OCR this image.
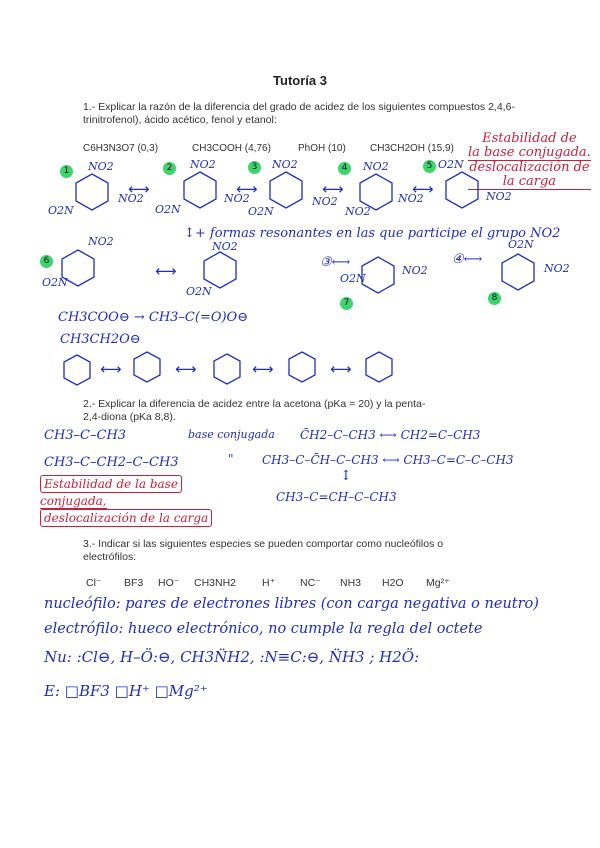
Tutoría 3
1.- Explicar la razón de la diferencia del grado de acidez de los siguientes compuestos 2,4,6-trinitrofenol), ácido acético, fenol y etanol:
C6H3N3O7 (0,3)	CH3COOH (4,76)	PhOH (10) CH3CH2OH (15,9)
Estabilidad de
la base conjugada.
deslocalización de
la carga
1	2	3	4	5
NO2
NO2
O2N
NO2
NO2
O2N
NO2
NO2
O2N
NO2
NO2
NO2
O2N
NO2
⟷	⟷	⟷	⟷
↕+ formas resonantes en las que participe el grupo NO2
6
7	8
NO2
O2N
NO2
O2N
NO2
O2N
O2N
NO2
⟷	③⟷	④⟷
CH3COO⊖ → CH3–C(=O)O⊖
CH3CH2O⊖
⟷	⟷	⟷	⟷
2.- Explicar la diferencia de acidez entre la acetona (pKa = 20) y la penta-2,4-diona (pKa 8,8).
CH3–C–CH3	base conjugada C̄H2–C–CH3 ⟷ CH2=C–CH3
CH3–C–CH2–C–CH3	" CH3–C–C̄H–C–CH3 ⟷ CH3–C=C–C–CH3
↕
CH3–C=CH–C–CH3
Estabilidad de la base
conjugada,
deslocalización de la carga
3.- Indicar si las siguientes especies se pueden comportar como nucleófilos o electrófilos:
Cl⁻ BF3 HO⁻ CH3NH2 H⁺ NC⁻ NH3 H2O Mg²⁺
nucleófilo: pares de electrones libres (con carga negativa o neutro)
electrófilo: hueco electrónico, no cumple la regla del octete
Nu: :Cl⊖, H–Ö:⊖, CH3N̈H2, :N≡C:⊖, N̈H3 ; H2Ö:
E: □BF3 □H⁺ □Mg²⁺
